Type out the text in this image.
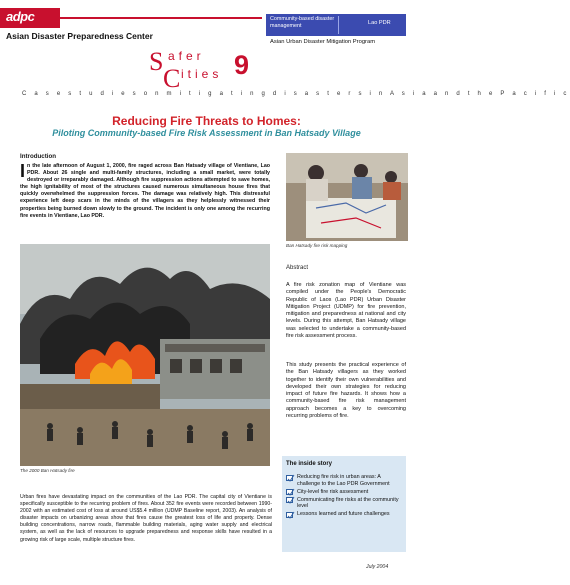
adpc
Asian Disaster Preparedness Center
Community-based disaster management	Lao PDR
Asian Urban Disaster Mitigation Program
S afer
C ities 9
C a s e s t u d i e s o n m i t i g a t i n g d i s a s t e r s i n A s i a a n d t h e P a c i f i c
Reducing Fire Threats to Homes:
Piloting Community-based Fire Risk Assessment in Ban Hatsady Village
Introduction
I n the late afternoon of August 1, 2000, fire raged across Ban Hatsady village of Vientiane, Lao PDR. About 26 single and multi-family structures, including a small market, were totally destroyed or irreparably damaged. Although fire suppression actions attempted to save homes, the high ignitability of most of the structures caused numerous simultaneous house fires that quickly overwhelmed the suppression forces. The damage was relatively high. This distressful experience left deep scars in the minds of the villagers as they helplessly witnessed their properties being burned down slowly to the ground. The incident is only one among the recurring fire events in Vientiane, Lao PDR.

The 2000 Ban Hatsady fire

Urban fires have devastating impact on the communities of the Lao PDR. The capital city of Vientiane is specifically susceptible to the recurring problem of fires. About 352 fire events were recorded between 1990-2002 with an estimated cost of loss at around US$5.4 million (UDMP Baseline report, 2003). An analysis of disaster impacts on urbanizing areas show that fires cause the greatest loss of life and property. Dense building concentrations, narrow roads, flammable building materials, aging water supply and electrical system, as well as the lack of resources to upgrade preparedness and response skills have resulted in a growing risk of large scale, multiple structure fires.

Ban Hatsady fire risk mapping
Abstract

A fire risk zonation map of Vientiane was compiled under the People's Democratic Republic of Laos (Lao PDR) Urban Disaster Mitigation Project (UDMP) for fire prevention, mitigation and preparedness at national and city levels. During this attempt, Ban Hatsady village was selected to undertake a community-based fire risk assessment process.

This study presents the practical experience of the Ban Hatsady villagers as they worked together to identify their own vulnerabilities and developed their own strategies for reducing impact of future fire hazards. It shows how a community-based fire risk management approach becomes a key to overcoming recurring problems of fire.

The inside story
Reducing fire risk in urban areas: A challenge to the Lao PDR Government
City-level fire risk assessment
Communicating fire risks at the community level
Lessons learned and future challenges
July 2004
